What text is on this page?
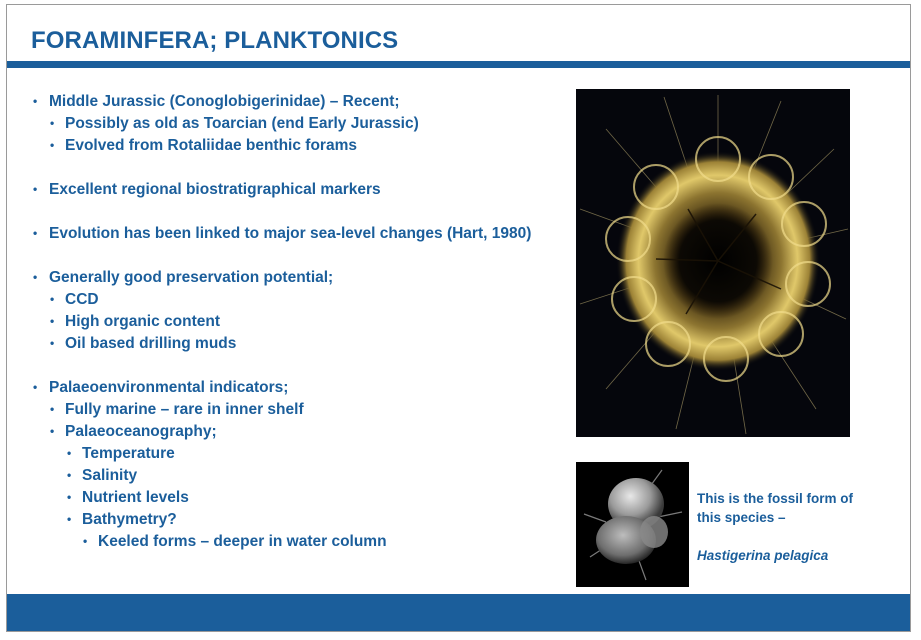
FORAMINFERA; PLANKTONICS
• Middle Jurassic (Conoglobigerinidae) – Recent;
• Possibly as old as Toarcian (end Early Jurassic)
• Evolved from Rotaliidae benthic forams
• Excellent regional biostratigraphical markers
• Evolution has been linked to major sea-level changes (Hart, 1980)
• Generally good preservation potential;
• CCD
• High organic content
• Oil based drilling muds
• Palaeoenvironmental indicators;
• Fully marine – rare in inner shelf
• Palaeoceanography;
• Temperature
• Salinity
• Nutrient levels
• Bathymetry?
• Keeled forms – deeper in water column
This is the fossil form of this species –
Hastigerina pelagica
